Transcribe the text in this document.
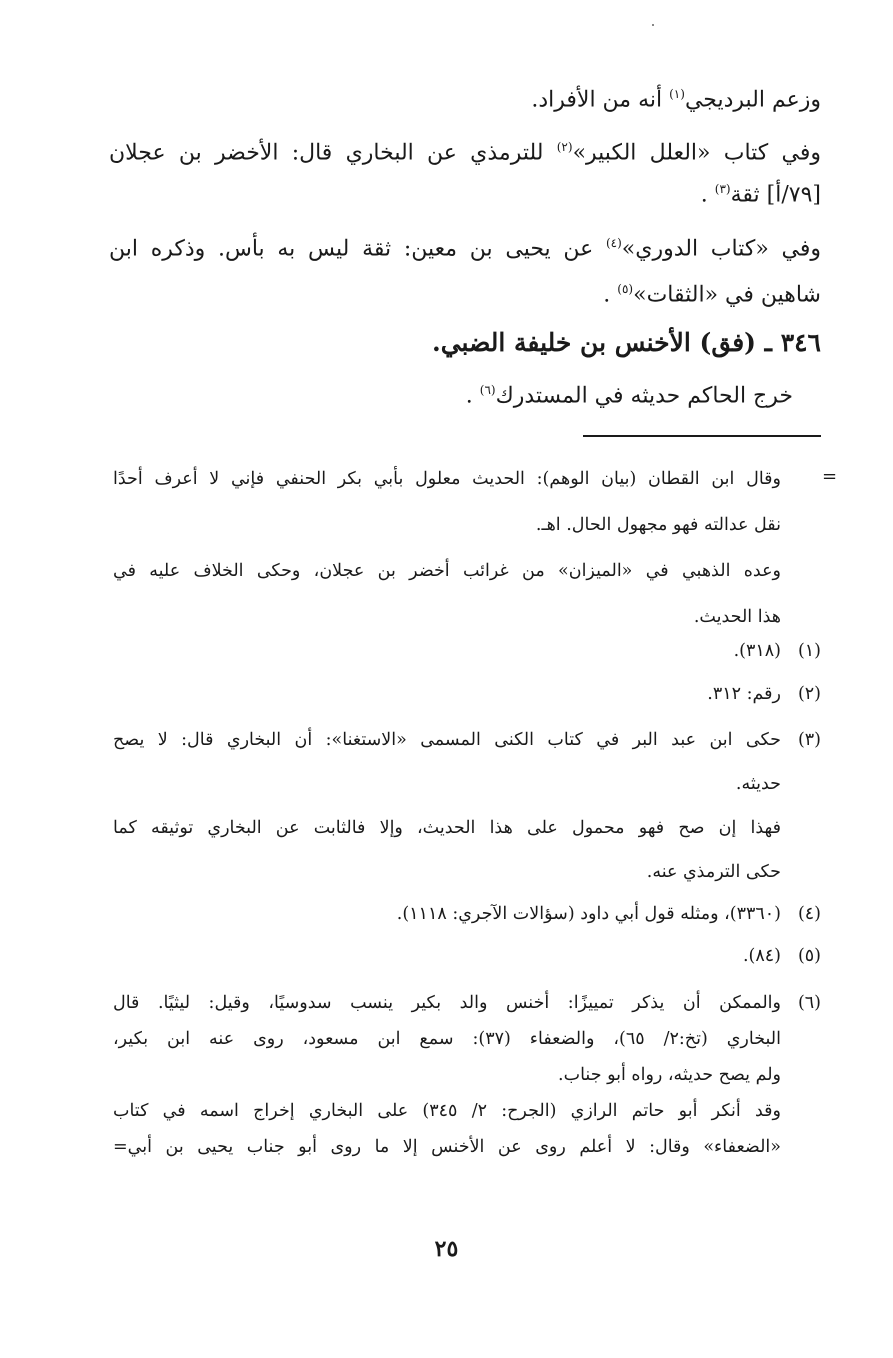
وزعم البرديجي$^{(١)}$ أنه من الأفراد.
وفي كتاب «العلل الكبير»$^{(٢)}$ للترمذي عن البخاري قال: الأخضر بن عجلان
[٧٩/أ] ثقة$^{(٣)}$ .
وفي «كتاب الدوري»$^{(٤)}$ عن يحيى بن معين: ثقة ليس به بأس. وذكره ابن
شاهين في «الثقات»$^{(٥)}$ .
٣٤٦ ـ (فق) الأخنس بن خليفة الضبي.
خرج الحاكم حديثه في المستدرك$^{(٦)}$ .
=
وقال ابن القطان (بيان الوهم): الحديث معلول بأبي بكر الحنفي فإني لا أعرف أحدًا
نقل عدالته فهو مجهول الحال. اهـ.
وعده الذهبي في «الميزان» من غرائب أخضر بن عجلان، وحكى الخلاف عليه في
هذا الحديث.
(١)
(٣١٨).
(٢)
رقم: ٣١٢.
(٣)
حكى ابن عبد البر في كتاب الكنى المسمى «الاستغنا»: أن البخاري قال: لا يصح
حديثه.
فهذا إن صح فهو محمول على هذا الحديث، وإلا فالثابت عن البخاري توثيقه كما
حكى الترمذي عنه.
(٤)
(٣٣٦٠)، ومثله قول أبي داود (سؤالات الآجري: ١١١٨).
(٥)
(٨٤).
(٦)
والممكن أن يذكر تمييزًا: أخنس والد بكير ينسب سدوسيًا، وقيل: ليثيًا. قال
البخاري (تخ:٢/ ٦٥)، والضعفاء (٣٧): سمع ابن مسعود، روى عنه ابن بكير،
ولم يصح حديثه، رواه أبو جناب.
وقد أنكر أبو حاتم الرازي (الجرح: ٢/ ٣٤٥) على البخاري إخراج اسمه في كتاب
«الضعفاء» وقال: لا أعلم روى عن الأخنس إلا ما روى أبو جناب يحيى بن أبي=
٢٥
